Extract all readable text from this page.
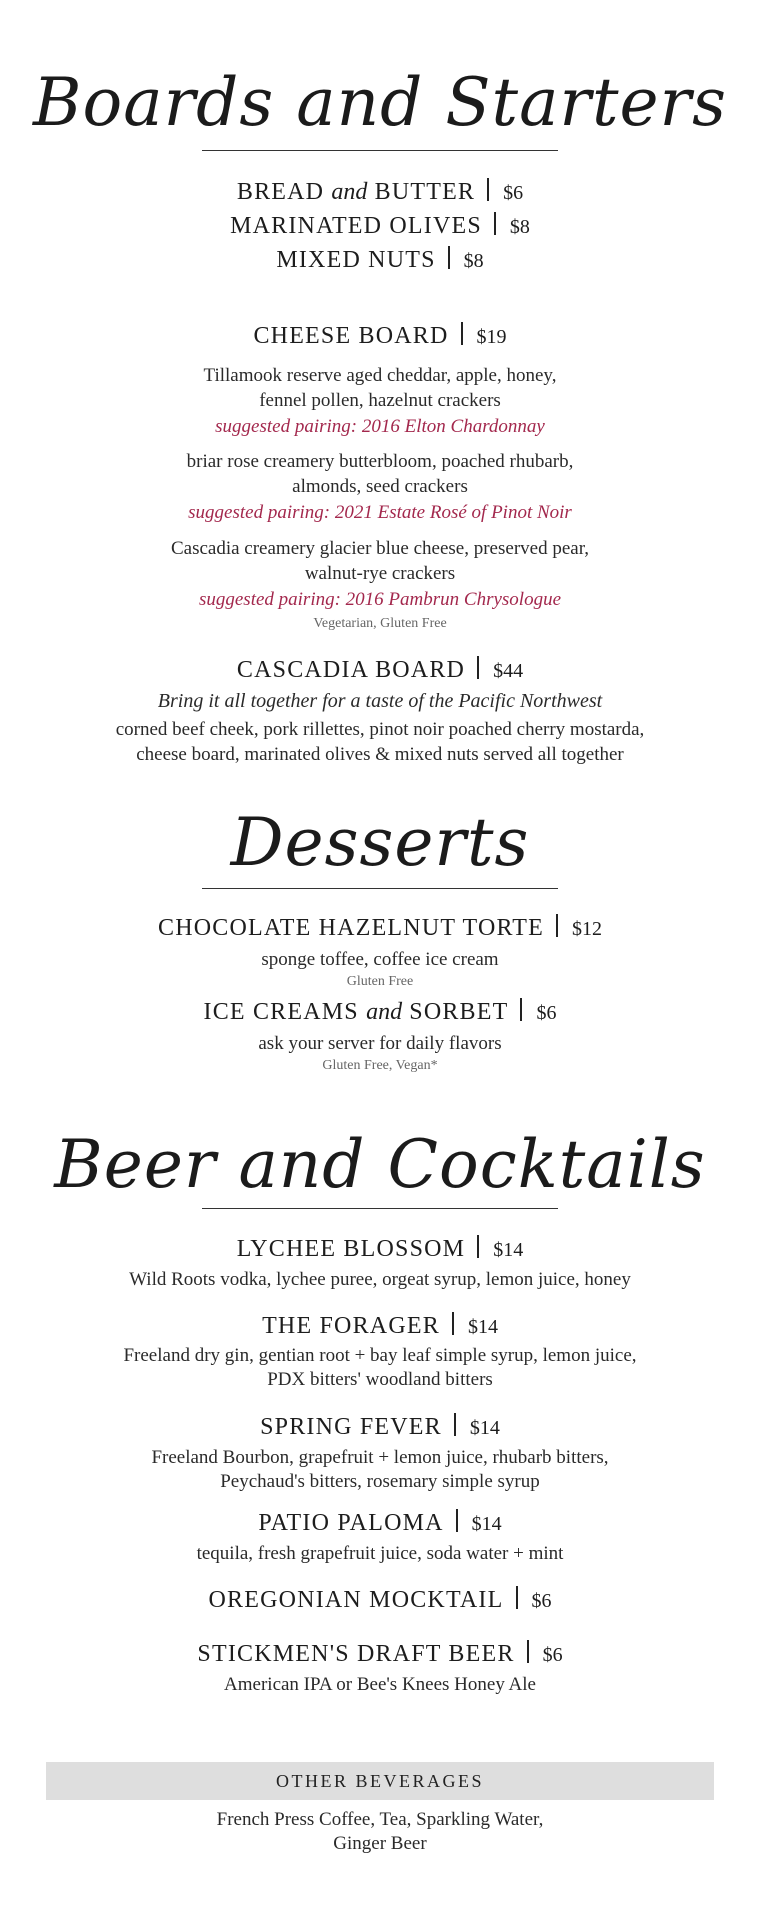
Boards and Starters
BREAD and BUTTER $6
MARINATED OLIVES $8
MIXED NUTS $8
CHEESE BOARD $19
Tillamook reserve aged cheddar, apple, honey,
fennel pollen, hazelnut crackers
suggested pairing: 2016 Elton Chardonnay
briar rose creamery butterbloom, poached rhubarb,
almonds, seed crackers
suggested pairing: 2021 Estate Rosé of Pinot Noir
Cascadia creamery glacier blue cheese, preserved pear,
walnut-rye crackers
suggested pairing: 2016 Pambrun Chrysologue
Vegetarian, Gluten Free
CASCADIA BOARD $44
Bring it all together for a taste of the Pacific Northwest
corned beef cheek, pork rillettes, pinot noir poached cherry mostarda,
cheese board, marinated olives & mixed nuts served all together
Desserts
CHOCOLATE HAZELNUT TORTE $12
sponge toffee, coffee ice cream
Gluten Free
ICE CREAMS and SORBET $6
ask your server for daily flavors
Gluten Free, Vegan*
Beer and Cocktails
LYCHEE BLOSSOM $14
Wild Roots vodka, lychee puree, orgeat syrup, lemon juice, honey
THE FORAGER $14
Freeland dry gin, gentian root + bay leaf simple syrup, lemon juice,
PDX bitters' woodland bitters
SPRING FEVER $14
Freeland Bourbon, grapefruit + lemon juice, rhubarb bitters,
Peychaud's bitters, rosemary simple syrup
PATIO PALOMA $14
tequila, fresh grapefruit juice, soda water + mint
OREGONIAN MOCKTAIL $6
STICKMEN'S DRAFT BEER $6
American IPA or Bee's Knees Honey Ale
OTHER BEVERAGES
French Press Coffee, Tea, Sparkling Water,
Ginger Beer
